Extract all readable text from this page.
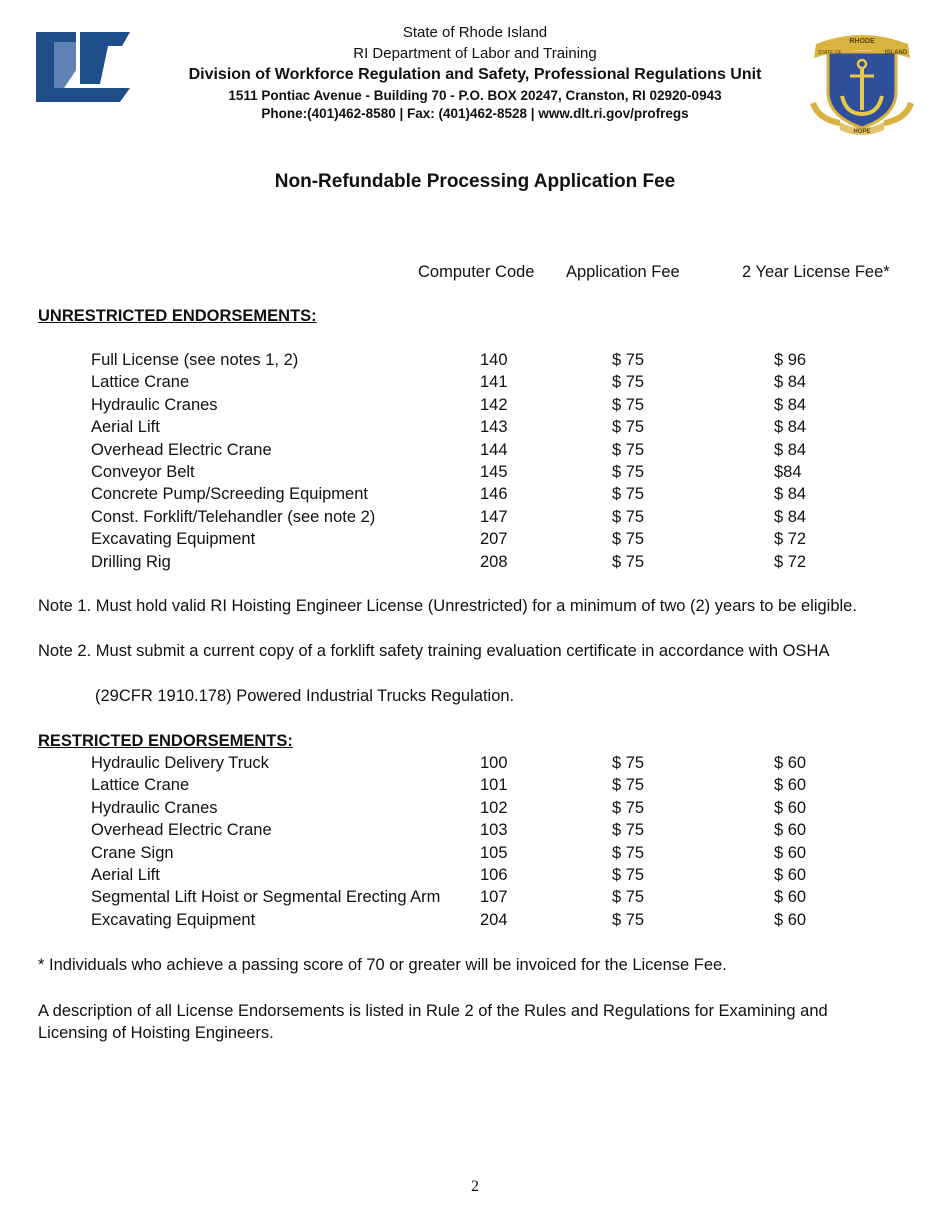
State of Rhode Island
RI Department of Labor and Training
Division of Workforce Regulation and Safety, Professional Regulations Unit
1511 Pontiac Avenue - Building 70 - P.O. BOX 20247, Cranston, RI 02920-0943
Phone:(401)462-8580 | Fax: (401)462-8528 | www.dlt.ri.gov/profregs
RHODE
STATE OF	ISLAND
HOPE
Non-Refundable Processing Application Fee
Computer Code Application Fee	2 Year License Fee*
UNRESTRICTED ENDORSEMENTS:
Full License (see notes 1, 2)	140	$ 75	$ 96
Lattice Crane	141	$ 75	$ 84
Hydraulic Cranes	142	$ 75	$ 84
Aerial Lift	143	$ 75	$ 84
Overhead Electric Crane	144	$ 75	$ 84
Conveyor Belt	145	$ 75	$84
Concrete Pump/Screeding Equipment	146	$ 75	$ 84
Const. Forklift/Telehandler (see note 2)	147	$ 75	$ 84
Excavating Equipment	207	$ 75	$ 72
Drilling Rig	208	$ 75	$ 72
Note 1. Must hold valid RI Hoisting Engineer License (Unrestricted) for a minimum of two (2) years to be eligible.
Note 2. Must submit a current copy of a forklift safety training evaluation certificate in accordance with OSHA
(29CFR 1910.178) Powered Industrial Trucks Regulation.
RESTRICTED ENDORSEMENTS:
Hydraulic Delivery Truck	100	$ 75	$ 60
Lattice Crane	101	$ 75	$ 60
Hydraulic Cranes	102	$ 75	$ 60
Overhead Electric Crane	103	$ 75	$ 60
Crane Sign	105	$ 75	$ 60
Aerial Lift	106	$ 75	$ 60
Segmental Lift Hoist or Segmental Erecting Arm 107	$ 75	$ 60
Excavating Equipment	204	$ 75	$ 60
* Individuals who achieve a passing score of 70 or greater will be invoiced for the License Fee.
A description of all License Endorsements is listed in Rule 2 of the Rules and Regulations for Examining and Licensing of Hoisting Engineers.
2
